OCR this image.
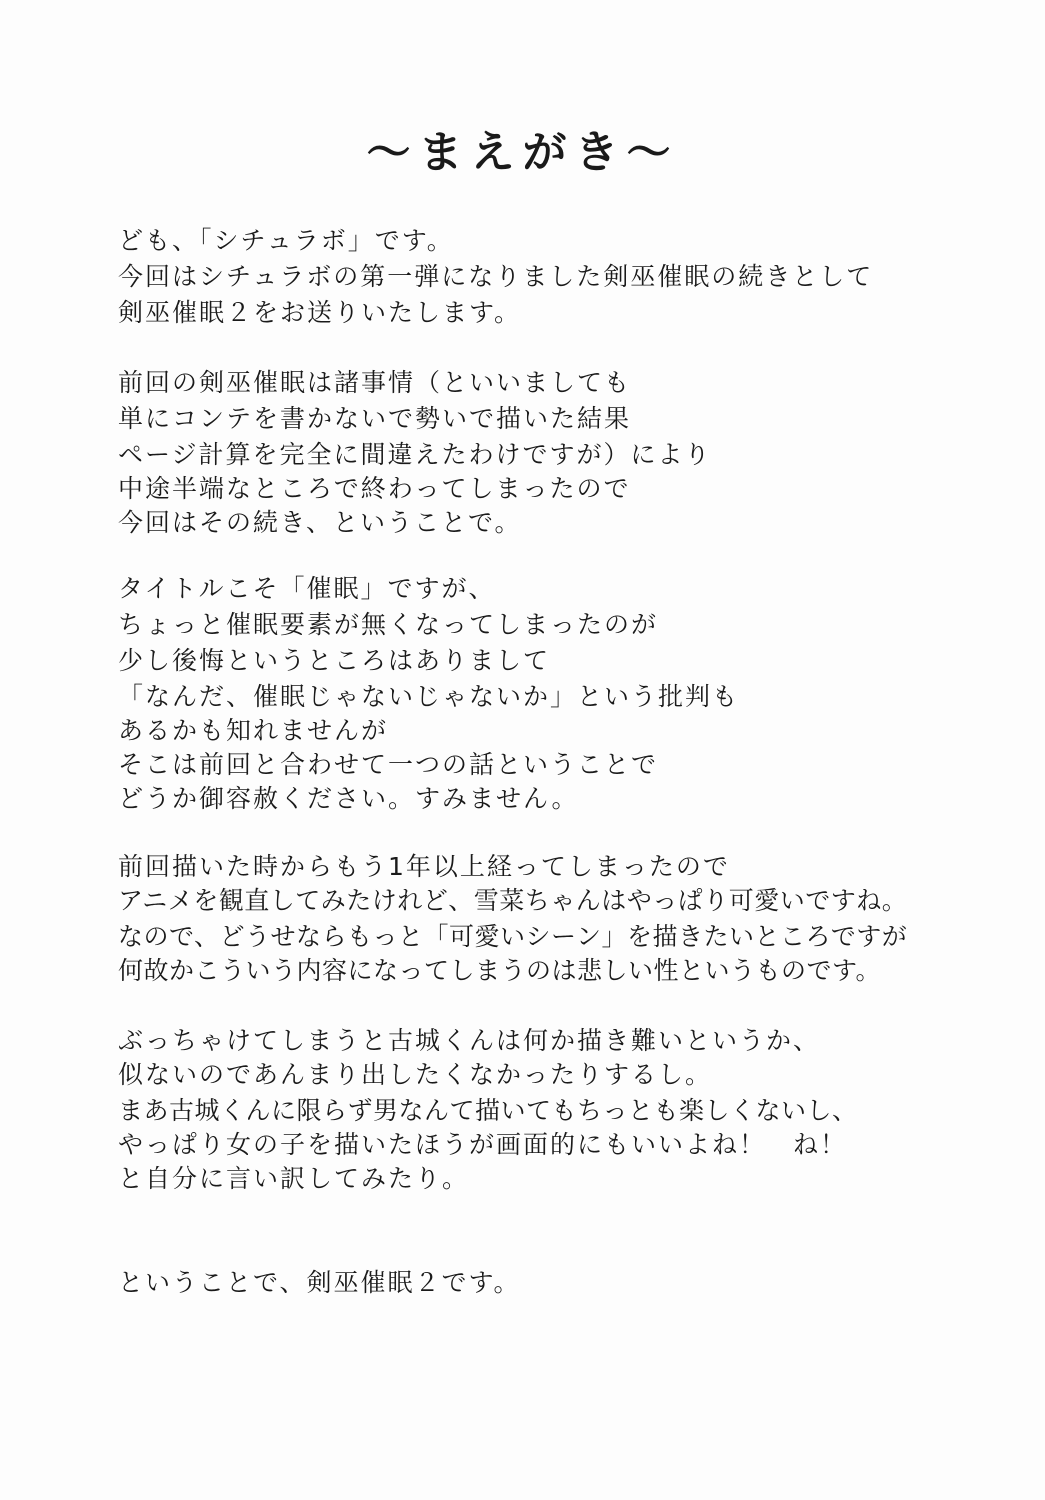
〜まえがき〜
ども、「シチュラボ」です。
今回はシチュラボの第一弾になりました剣巫催眠の続きとして
剣巫催眠２をお送りいたします。
前回の剣巫催眠は諸事情（といいましても
単にコンテを書かないで勢いで描いた結果
ページ計算を完全に間違えたわけですが）により
中途半端なところで終わってしまったので
今回はその続き、ということで。
タイトルこそ「催眠」ですが、
ちょっと催眠要素が無くなってしまったのが
少し後悔というところはありまして
「なんだ、催眠じゃないじゃないか」という批判も
あるかも知れませんが
そこは前回と合わせて一つの話ということで
どうか御容赦ください。すみません。
前回描いた時からもう1年以上経ってしまったので
アニメを観直してみたけれど、雪菜ちゃんはやっぱり可愛いですね。
なので、どうせならもっと「可愛いシーン」を描きたいところですが
何故かこういう内容になってしまうのは悲しい性というものです。
ぶっちゃけてしまうと古城くんは何か描き難いというか、
似ないのであんまり出したくなかったりするし。
まあ古城くんに限らず男なんて描いてもちっとも楽しくないし、
やっぱり女の子を描いたほうが画面的にもいいよね！　ね！
と自分に言い訳してみたり。
ということで、剣巫催眠２です。
